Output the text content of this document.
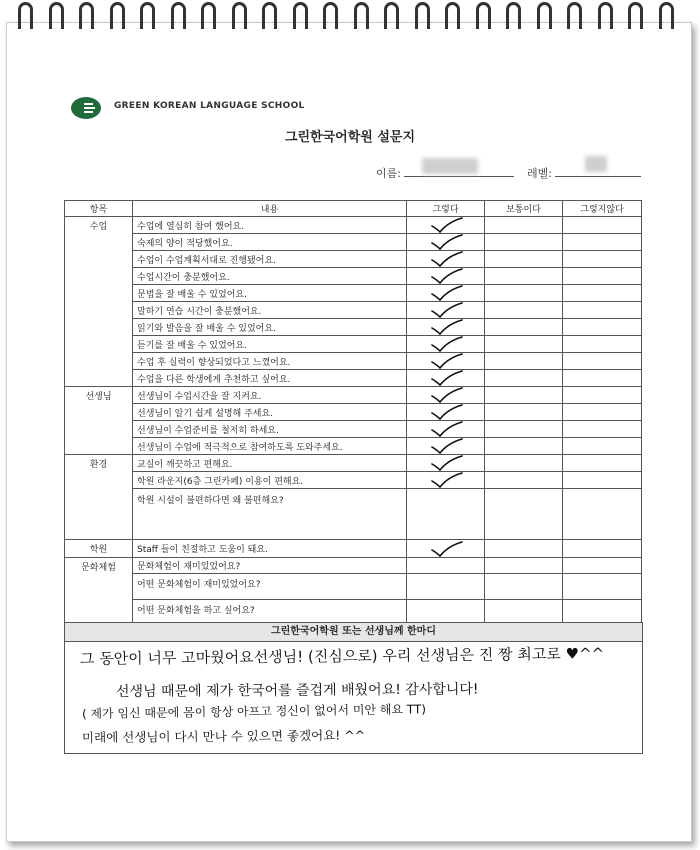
GREEN KOREAN LANGUAGE SCHOOL
그린한국어학원 설문지
이름:	레벨:
항목	내용	그렇다	보통이다	그렇지않다
수업	수업에 열심히 참여 했어요.	

	숙제의 양이 적당했어요.	

	수업이 수업계획서대로 진행됐어요.	

	수업시간이 충분했어요.	

	문법을 잘 배울 수 있었어요.	

	말하기 연습 시간이 충분했어요.	

	읽기와 발음을 잘 배울 수 있었어요.	

	듣기를 잘 배울 수 있었어요.	

	수업 후 실력이 향상되었다고 느꼈어요.	

	수업을 다른 학생에게 추천하고 싶어요.	

선생님	선생님이 수업시간을 잘 지켜요.	

	선생님이 알기 쉽게 설명해 주세요.	

	선생님이 수업준비를 철저히 하세요.	

	선생님이 수업에 적극적으로 참여하도록 도와주세요.	

환경	교실이 깨끗하고 편해요.	

	학원 라운지(6층 그린카페) 이용이 편해요.	

	학원 시설이 불편하다면 왜 불편해요?			
학원	Staff 들이 친절하고 도움이 돼요.	

문화체험	문화체험이 재미있었어요?			
	어떤 문화체험이 재미있었어요?			
	어떤 문화체험을 하고 싶어요?			
그린한국어학원 또는 선생님께 한마디
그 동안이 너무 고마웠어요선생님! (진심으로) 우리 선생님은 진 짱 최고로 ♥^^
선생님 때문에 제가 한국어를 즐겁게 배웠어요! 감사합니다!
( 제가 임신 때문에 몸이 항상 아프고 정신이 없어서 미안 해요 TT)
미래에 선생님이 다시 만나 수 있으면 좋겠어요! ^^
